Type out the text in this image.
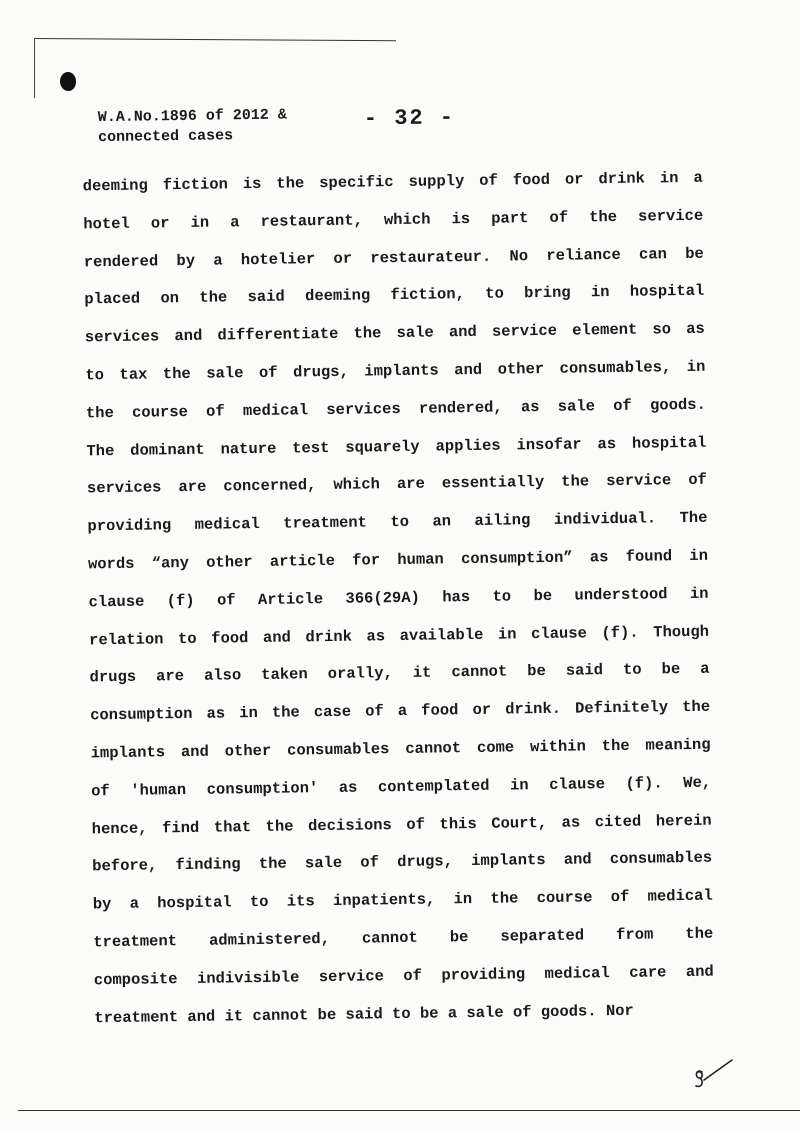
W.A.No.1896 of 2012 &
connected cases
- 32 -
deeming fiction is the specific supply of food or drink in a
hotel or in a restaurant, which is part of the service
rendered by a hotelier or restaurateur. No reliance can be
placed on the said deeming fiction, to bring in hospital
services and differentiate the sale and service element so as
to tax the sale of drugs, implants and other consumables, in
the course of medical services rendered, as sale of goods.
The dominant nature test squarely applies insofar as hospital
services are concerned, which are essentially the service of
providing medical treatment to an ailing individual. The
words “any other article for human consumption” as found in
clause (f) of Article 366(29A) has to be understood in
relation to food and drink as available in clause (f). Though
drugs are also taken orally, it cannot be said to be a
consumption as in the case of a food or drink. Definitely the
implants and other consumables cannot come within the meaning
of 'human consumption' as contemplated in clause (f). We,
hence, find that the decisions of this Court, as cited herein
before, finding the sale of drugs, implants and consumables
by a hospital to its inpatients, in the course of medical
treatment administered, cannot be separated from the
composite indivisible service of providing medical care and
treatment and it cannot be said to be a sale of goods. Nor
